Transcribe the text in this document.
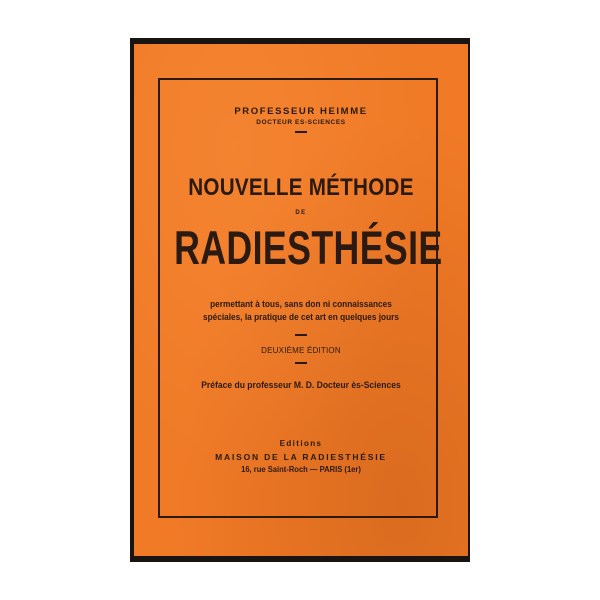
PROFESSEUR HEIMME
DOCTEUR ES-SCIENCES
NOUVELLE MÉTHODE
DE
RADIESTHÉSIE
permettant à tous, sans don ni connaissances
spéciales, la pratique de cet art en quelques jours
DEUXIÈME ÉDITION
Préface du professeur M. D. Docteur ès-Sciences
Editions
MAISON DE LA RADIESTHÉSIE
16, rue Saint-Roch — PARIS (1er)
